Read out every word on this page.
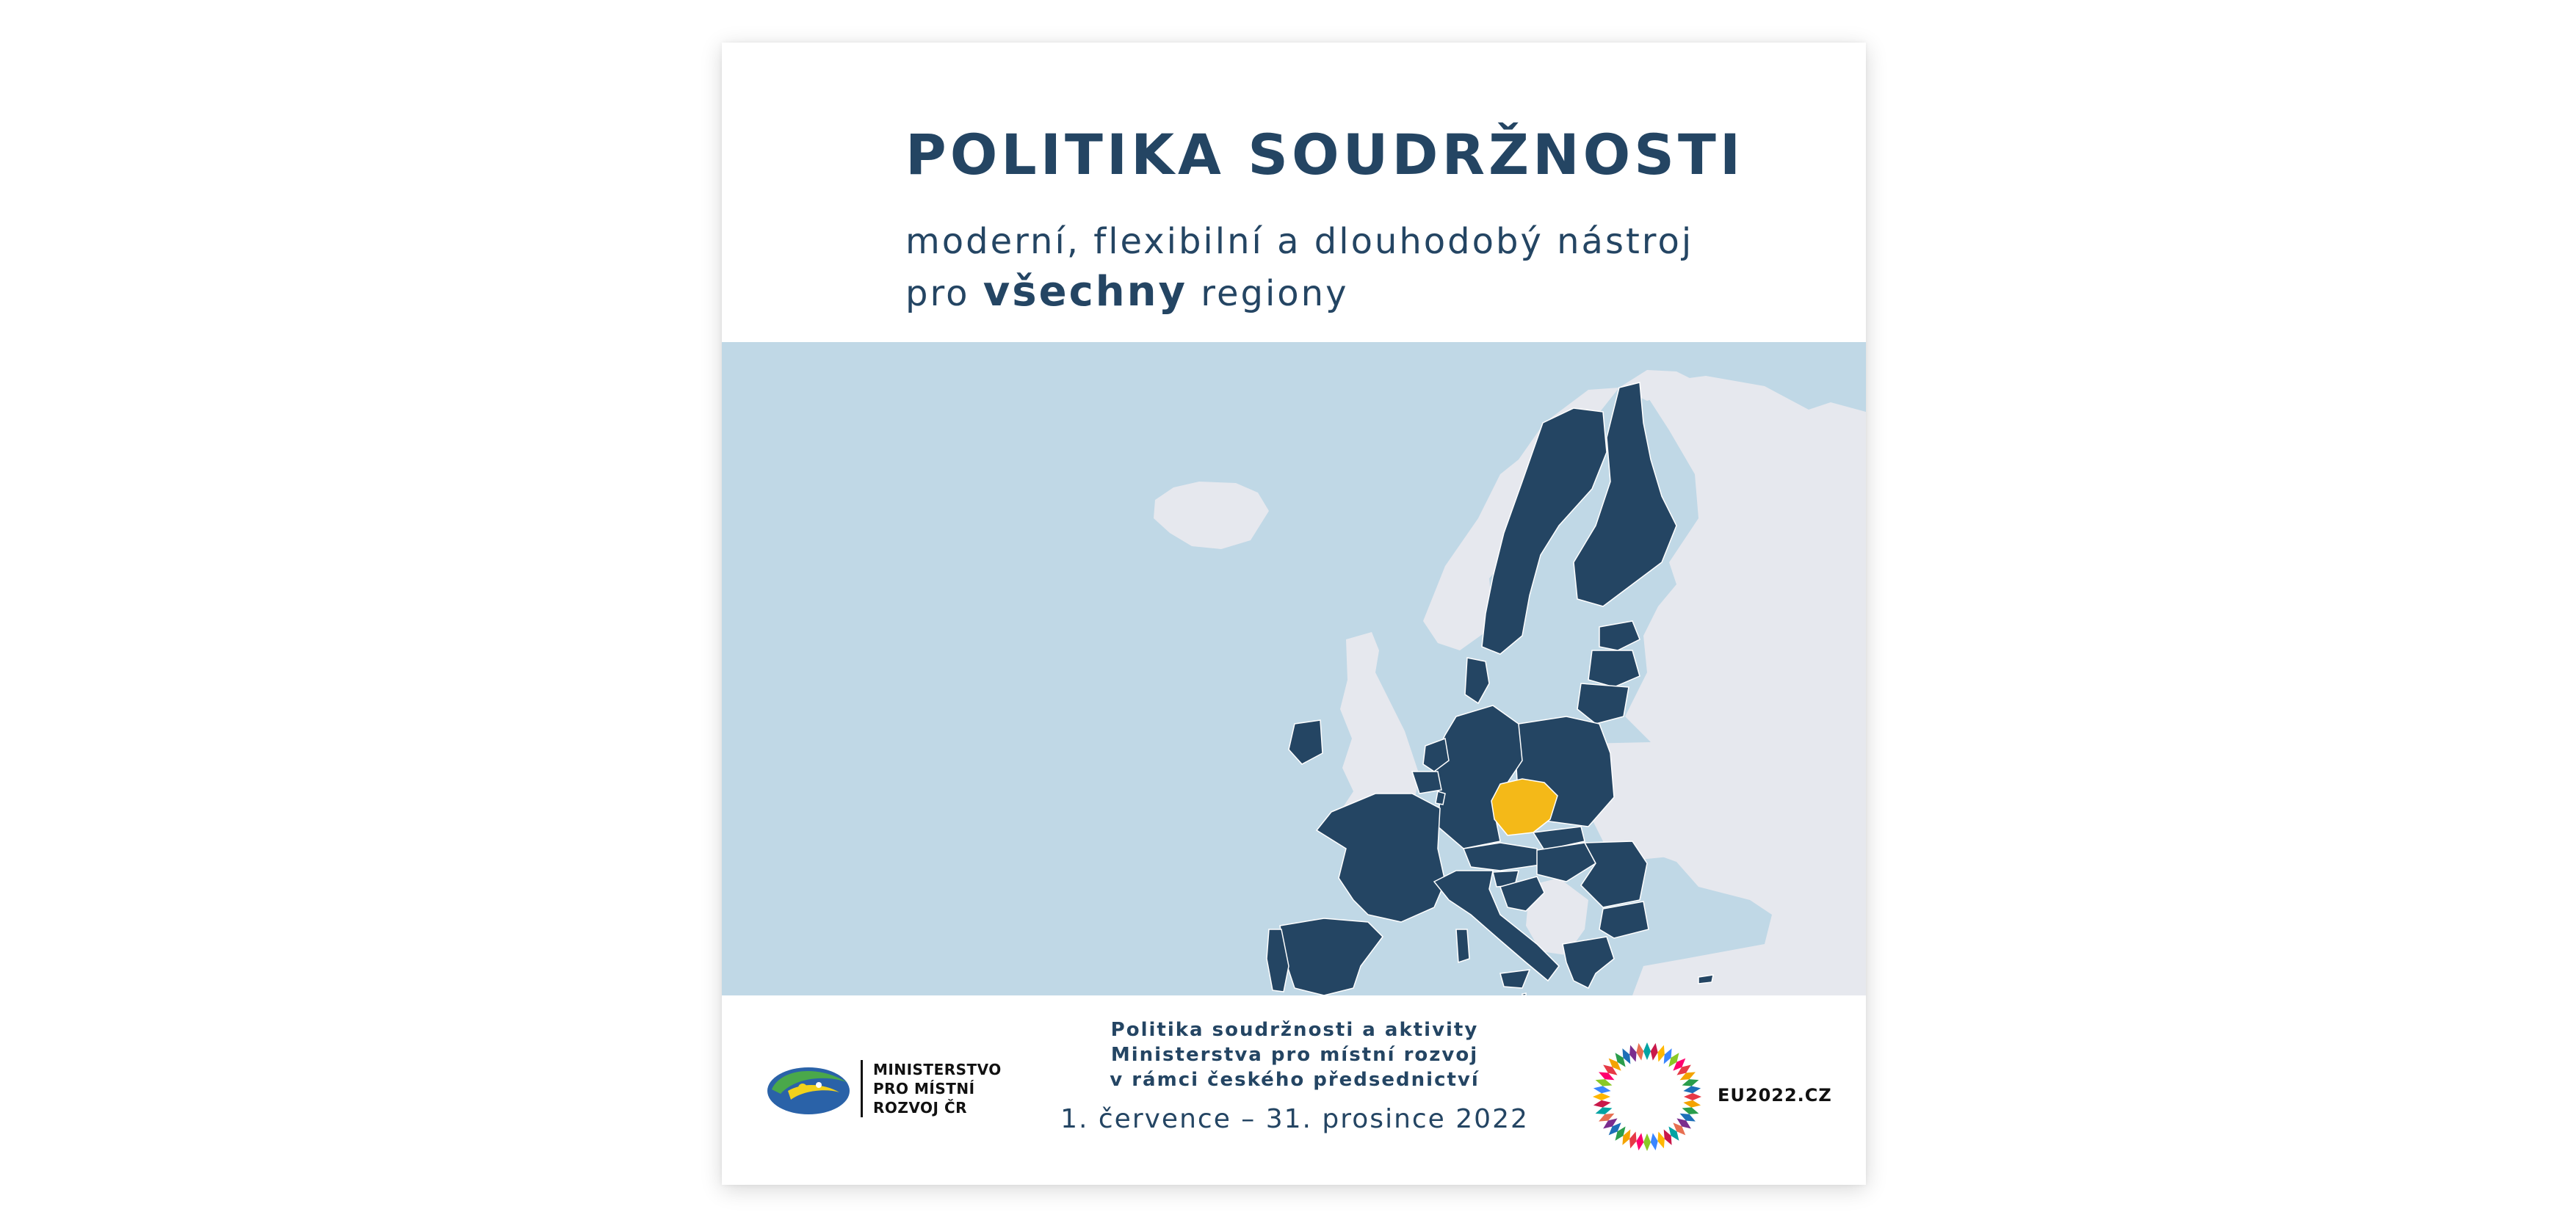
POLITIKA SOUDRŽNOSTI
moderní, flexibilní a dlouhodobý nástroj
pro všechny regiony
MINISTERSTVO
PRO MÍSTNÍ
ROZVOJ ČR
Politika soudržnosti a aktivity
Ministerstva pro místní rozvoj
v rámci českého předsednictví
1. července – 31. prosince 2022
EU2022.CZ
